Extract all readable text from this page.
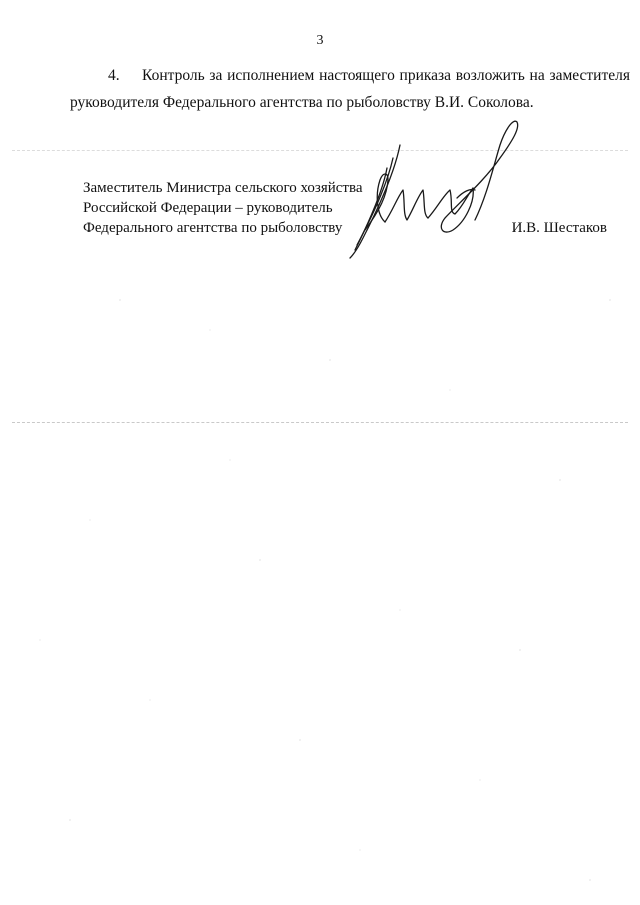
3
4. Контроль за исполнением настоящего приказа возложить на заместителя
руководителя Федерального агентства по рыболовству В.И. Соколова.
Заместитель Министра сельского хозяйства
Российской Федерации – руководитель
Федерального агентства по рыболовству	И.В. Шестаков
